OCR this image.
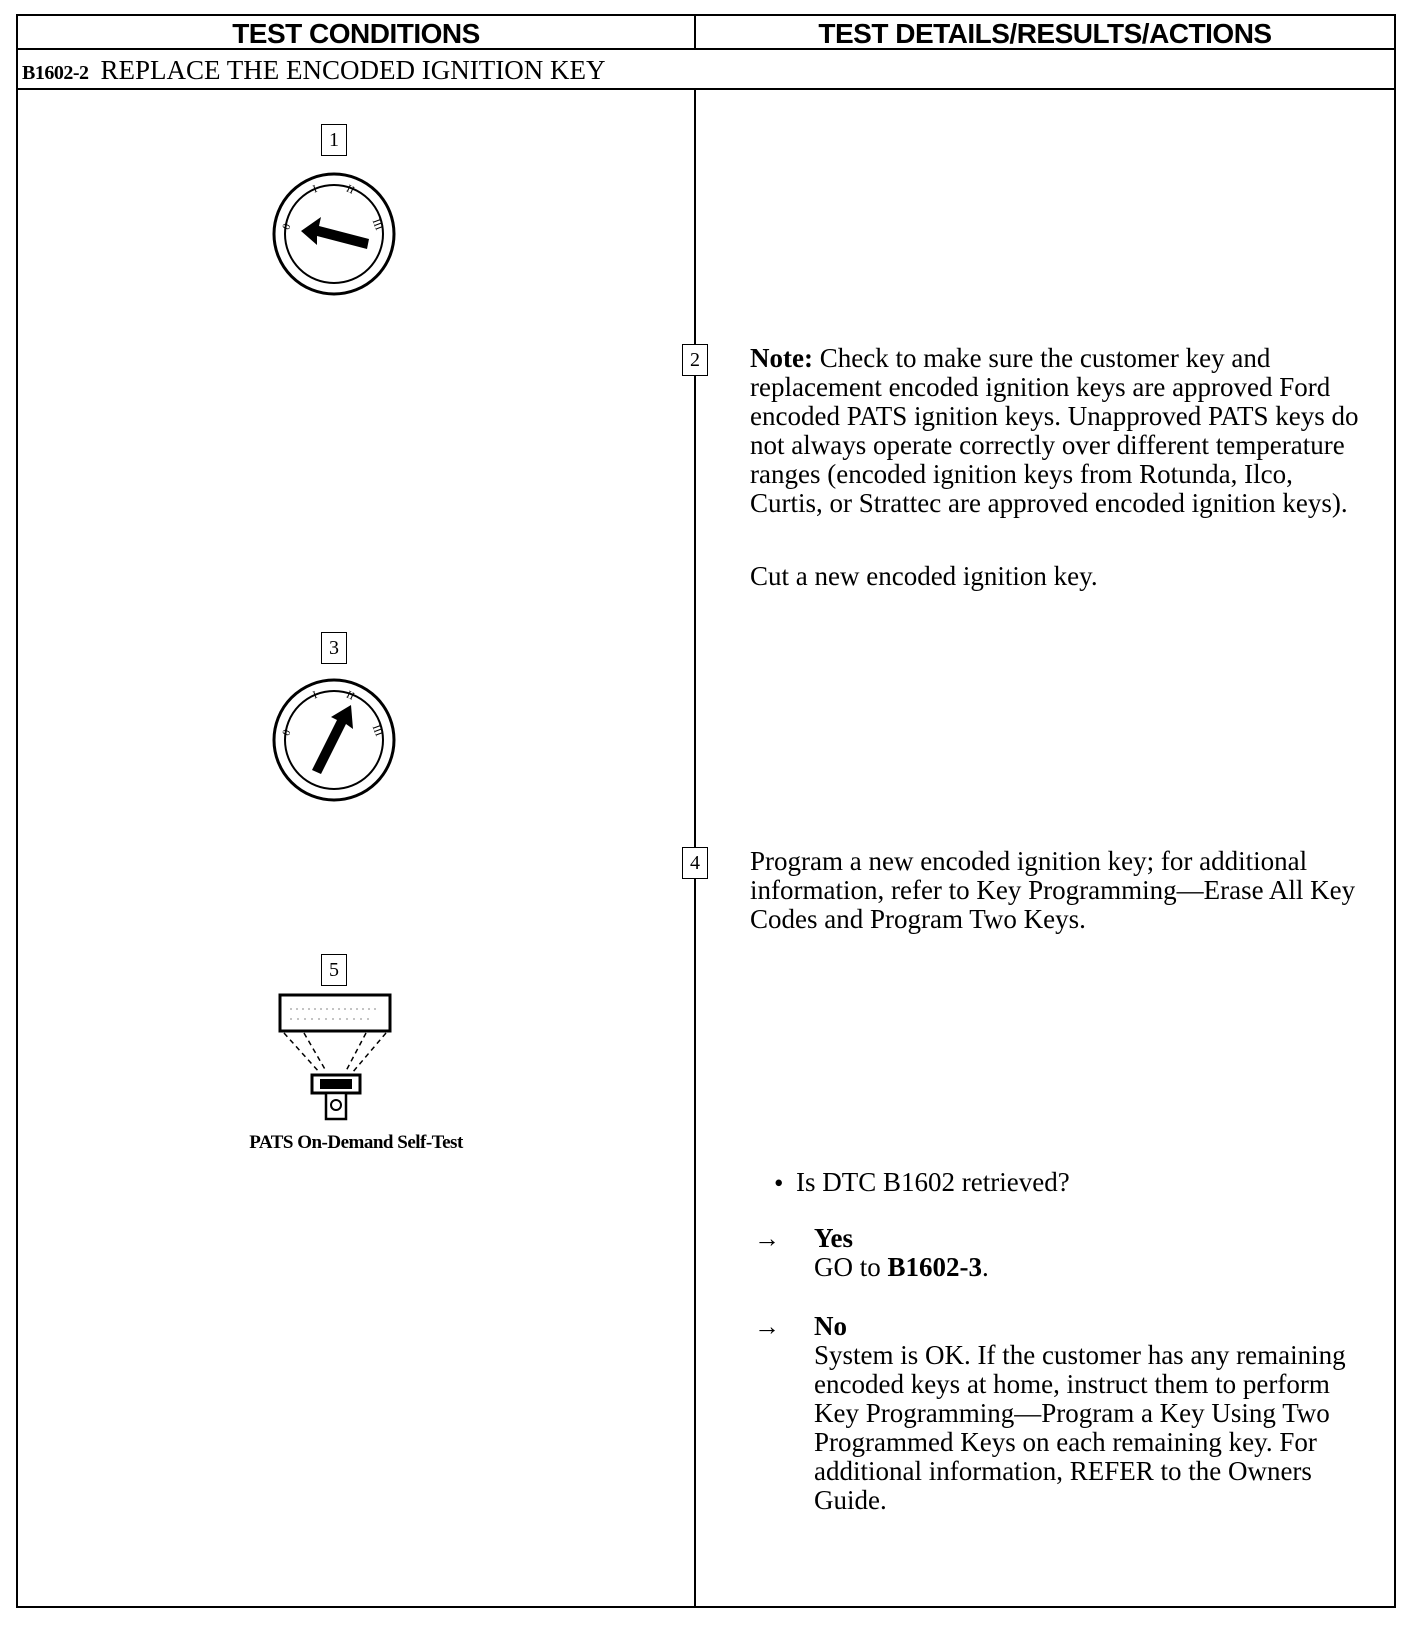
TEST CONDITIONS	TEST DETAILS/RESULTS/ACTIONS
B1602-2 REPLACE THE ENCODED IGNITION KEY
1
0
I II
III
2 Note: Check to make sure the customer key and replacement encoded ignition keys are approved Ford encoded PATS ignition keys. Unapproved PATS keys do not always operate correctly over different temperature ranges (encoded ignition keys from Rotunda, Ilco, Curtis, or Strattec are approved encoded ignition keys).
Cut a new encoded ignition key.
3
0
I II
III
4 Program a new encoded ignition key; for additional information, refer to Key Programming—Erase All Key Codes and Program Two Keys.
5
PATS On-Demand Self-Test
• Is DTC B1602 retrieved?
→ Yes
GO to B1602-3.
→ No
System is OK. If the customer has any remaining encoded keys at home, instruct them to perform Key Programming—Program a Key Using Two Programmed Keys on each remaining key. For additional information, REFER to the Owners Guide.
